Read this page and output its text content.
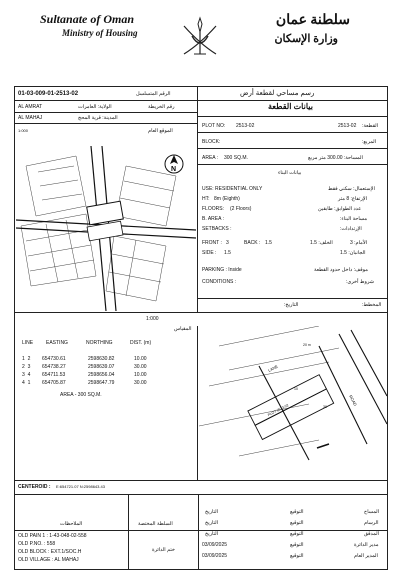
Sultanate of Oman
Ministry of Housing
سلطنة عمان
وزارة الإسكان
01-03-009-01-2513-02	الرقم المتسلسل	رسم مساحي لقطعة أرض
AL AMRAT	الولاية: العامرات	رقم الخريطة
AL MAHAJ	المدينة: قرية المحج
1:000	الموقع العام
N
بيانات القطعة
PLOT NO: 2513-02	2513-02 القطعة:
BLOCK:	المربع:
AREA : 300 SQ.M.	المساحة: 300.00 متر مربع
بيانات البناء
USE: RESIDENTIAL ONLY	الإستعمال: سكني فقط
HT: 8m (Eighth)	الإرتفاع: 8 متر
FLOORS: (2 Floors)	عدد الطوابق: طابقين
B. AREA :	مساحة البناء:
SETBACKS :	الإرتدادات:
FRONT : 3	BACK : 1.5	الخلف: 1.5	الأمام: 3
SIDE : 1.5	الجانبان: 1.5
PARKING : Inside	موقف: داخل حدود القطعة
CONDITIONS :	شروط أخرى:
التاريخ:	المخطط:
1:000
المقياس
LINE	EASTING	NORTHING	DIST. (m)
1 2 654730.61	2598630.82	10.00
2 3 654738.27	2598639.07	30.00
3 4 654711.53	2598656.04	10.00
4 1 654705.87	2598647.79	30.00
AREA - 300 SQ.M.
PLOT 2513-02
ROAD
LANE
10
30
20 m
CENTEROID : E:654721.07 N:2598643.43
الملاحظات	السلطة المختصة
OLD PAIN 1 : 1-43-048-02-558
ختم الدائرة
OLD P.NO. : 558
OLD BLOCK : EXT.1/SOC.H
OLD VILLAGE : AL MAHAJ
التاريخ	التوقيع	المساح
التاريخ	التوقيع	الرسام
التاريخ	التوقيع	المدقق
03/09/2025	التوقيع	مدير الدائرة
03/09/2025	التوقيع	المدير العام
